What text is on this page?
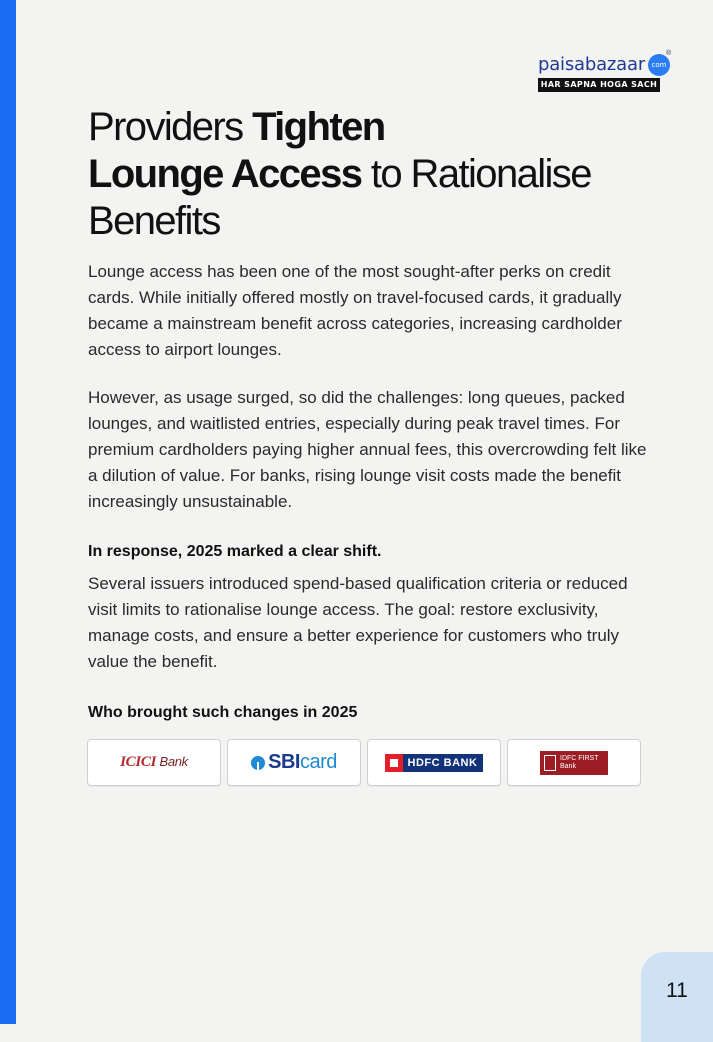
paisabazaar com
®
HAR SAPNA HOGA SACH
Providers Tighten
Lounge Access to Rationalise
Benefits

Lounge access has been one of the most sought-after perks on credit cards. While initially offered mostly on travel-focused cards, it gradually became a mainstream benefit across categories, increasing cardholder access to airport lounges.

However, as usage surged, so did the challenges: long queues, packed lounges, and waitlisted entries, especially during peak travel times. For premium cardholders paying higher annual fees, this overcrowding felt like a dilution of value. For banks, rising lounge visit costs made the benefit increasingly unsustainable.

In response, 2025 marked a clear shift.

Several issuers introduced spend-based qualification criteria or reduced visit limits to rationalise lounge access. The goal: restore exclusivity, manage costs, and ensure a better experience for customers who truly value the benefit.

Who brought such changes in 2025

ICICI Bank	SBIcard	HDFC BANK	IDFC FIRST
Bank
11
